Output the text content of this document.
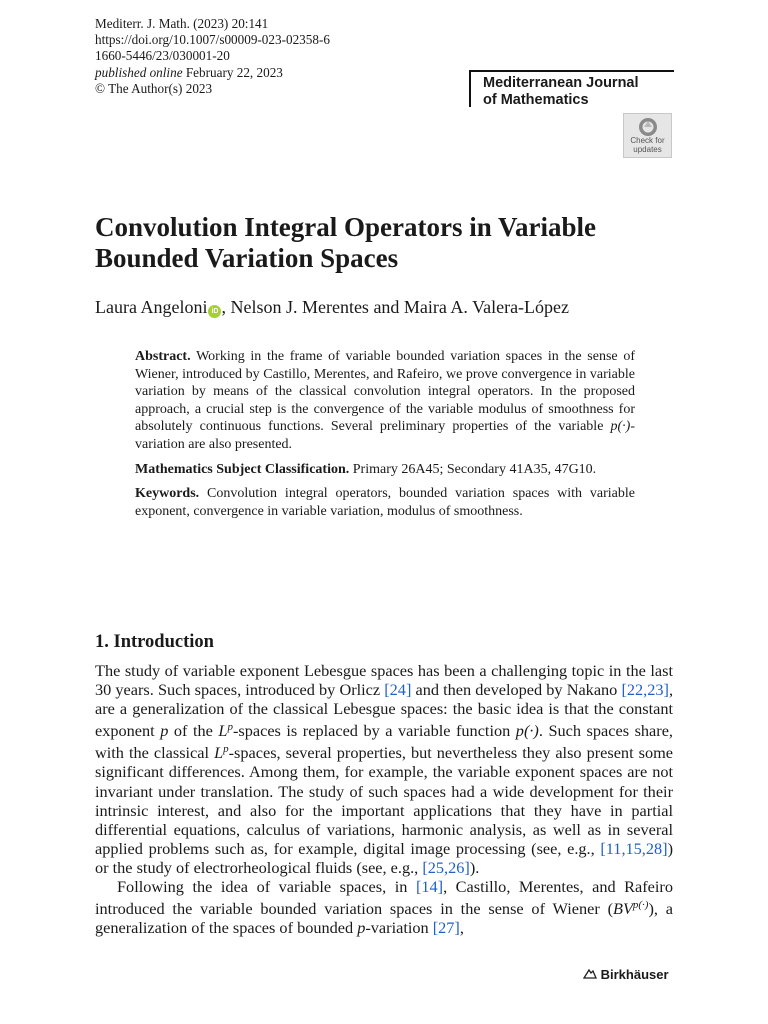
Mediterr. J. Math. (2023) 20:141
https://doi.org/10.1007/s00009-023-02358-6
1660-5446/23/030001-20
published online February 22, 2023
© The Author(s) 2023	Mediterranean Journal
of Mathematics
Check for
updates
Convolution Integral Operators in Variable
Bounded Variation Spaces
Laura Angeloni iD , Nelson J. Merentes and Maira A. Valera-López

Abstract. Working in the frame of variable bounded variation spaces in the sense of Wiener, introduced by Castillo, Merentes, and Rafeiro, we prove convergence in variable variation by means of the classical convolution integral operators. In the proposed approach, a crucial step is the convergence of the variable modulus of smoothness for absolutely continuous functions. Several preliminary properties of the variable p(·)-variation are also presented.

Mathematics Subject Classification. Primary 26A45; Secondary 41A35, 47G10.

Keywords. Convolution integral operators, bounded variation spaces with variable exponent, convergence in variable variation, modulus of smoothness.

1. Introduction

The study of variable exponent Lebesgue spaces has been a challenging topic in the last 30 years. Such spaces, introduced by Orlicz [24] and then developed by Nakano [22,23], are a generalization of the classical Lebesgue spaces: the basic idea is that the constant exponent p of the $L^p$-spaces is replaced by a variable function p(·). Such spaces share, with the classical $L^p$-spaces, several properties, but nevertheless they also present some significant differences. Among them, for example, the variable exponent spaces are not invariant under translation. The study of such spaces had a wide development for their intrinsic interest, and also for the important applications that they have in partial differential equations, calculus of variations, harmonic analysis, as well as in several applied problems such as, for example, digital image processing (see, e.g., [11,15,28]) or the study of electrorheological fluids (see, e.g., [25,26]).

Following the idea of variable spaces, in [14], Castillo, Merentes, and Rafeiro introduced the variable bounded variation spaces in the sense of Wiener $(BV^{p(\cdot)})$, a generalization of the spaces of bounded p-variation [27],

Birkhäuser
